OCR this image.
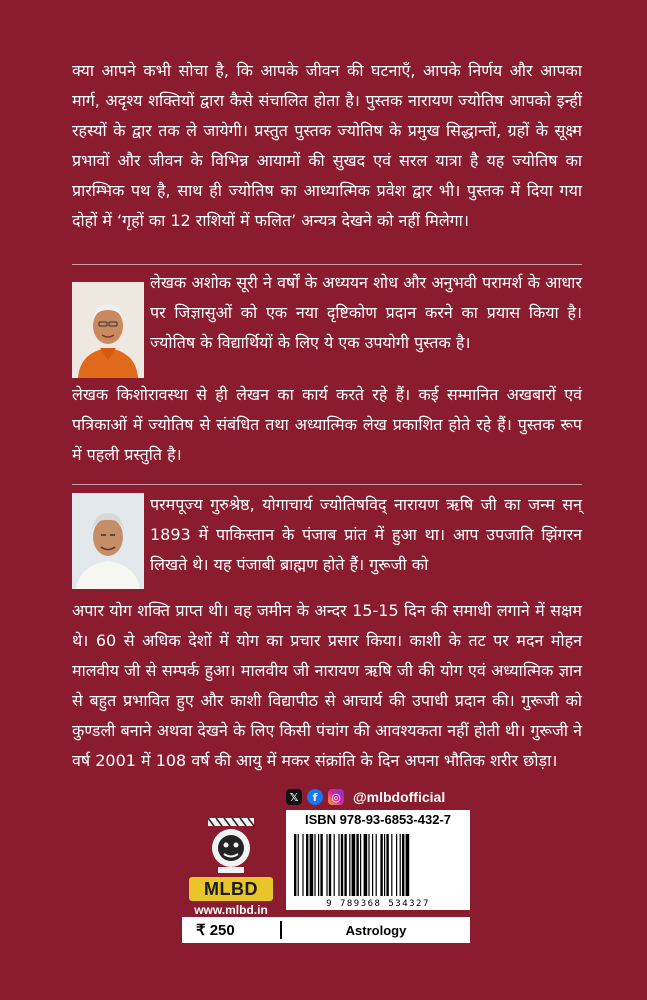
क्या आपने कभी सोचा है, कि आपके जीवन की घटनाएँ, आपके निर्णय और आपका मार्ग, अदृश्य शक्तियों द्वारा कैसे संचालित होता है। पुस्तक नारायण ज्योतिष आपको इन्हीं रहस्यों के द्वार तक ले जायेगी। प्रस्तुत पुस्तक ज्योतिष के प्रमुख सिद्धान्तों, ग्रहों के सूक्ष्म प्रभावों और जीवन के विभिन्न आयामों की सुखद एवं सरल यात्रा है यह ज्योतिष का प्रारम्भिक पथ है, साथ ही ज्योतिष का आध्यात्मिक प्रवेश द्वार भी। पुस्तक में दिया गया दोहों में ‘गृहों का 12 राशियों में फलित’ अन्यत्र देखने को नहीं मिलेगा।

लेखक अशोक सूरी ने वर्षों के अध्ययन शोध और अनुभवी परामर्श के आधार पर जिज्ञासुओं को एक नया दृष्टिकोण प्रदान करने का प्रयास किया है। ज्योतिष के विद्यार्थियों के लिए ये एक उपयोगी पुस्तक है।

लेखक किशोरावस्था से ही लेखन का कार्य करते रहे हैं। कई सम्मानित अखबारों एवं पत्रिकाओं में ज्योतिष से संबंधित तथा अध्यात्मिक लेख प्रकाशित होते रहे हैं। पुस्तक रूप में पहली प्रस्तुति है।

परमपूज्य गुरुश्रेष्ठ, योगाचार्य ज्योतिषविद् नारायण ऋषि जी का जन्म सन् 1893 में पाकिस्तान के पंजाब प्रांत में हुआ था। आप उपजाति झिंगरन लिखते थे। यह पंजाबी ब्राह्मण होते हैं। गुरूजी को

अपार योग शक्ति प्राप्त थी। वह जमीन के अन्दर 15-15 दिन की समाधी लगाने में सक्षम थे। 60 से अधिक देशों में योग का प्रचार प्रसार किया। काशी के तट पर मदन मोहन मालवीय जी से सम्पर्क हुआ। मालवीय जी नारायण ऋषि जी की योग एवं अध्यात्मिक ज्ञान से बहुत प्रभावित हुए और काशी विद्यापीठ से आचार्य की उपाधी प्रदान की। गुरूजी को कुण्डली बनाने अथवा देखने के लिए किसी पंचांग की आवश्यकता नहीं होती थी। गुरूजी ने वर्ष 2001 में 108 वर्ष की आयु में मकर संक्रांति के दिन अपना भौतिक शरीर छोड़ा।

𝕏	f	◎ @mlbdofficial
MLBD
www.mlbd.in
ISBN 978-93-6853-432-7
9 789368 534327
₹ 250	Astrology
